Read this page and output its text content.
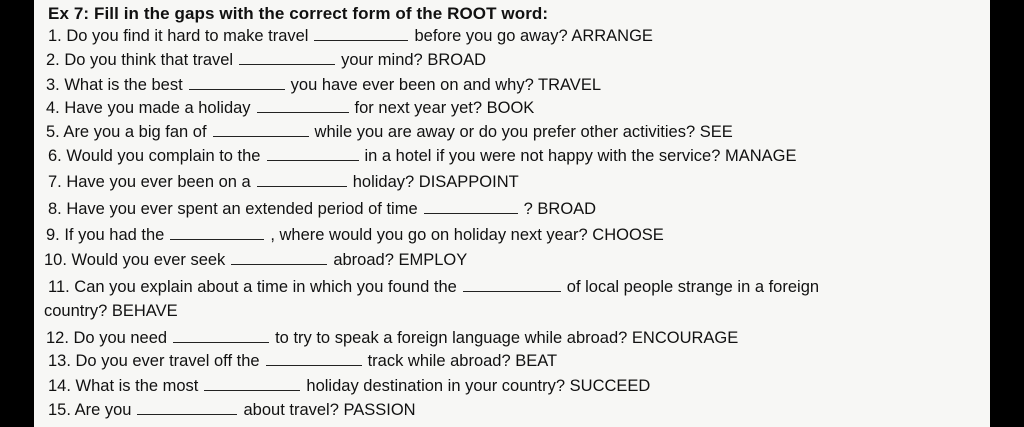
Ex 7: Fill in the gaps with the correct form of the ROOT word:
1. Do you find it hard to make travel	before you go away? ARRANGE
2. Do you think that travel	your mind? BROAD
3. What is the best	you have ever been on and why? TRAVEL
4. Have you made a holiday	for next year yet? BOOK
5. Are you a big fan of	while you are away or do you prefer other activities? SEE
6. Would you complain to the	in a hotel if you were not happy with the service? MANAGE
7. Have you ever been on a	holiday? DISAPPOINT
8. Have you ever spent an extended period of time	? BROAD
9. If you had the	, where would you go on holiday next year? CHOOSE
10. Would you ever seek	abroad? EMPLOY
11. Can you explain about a time in which you found the	of local people strange in a foreign
country? BEHAVE
12. Do you need	to try to speak a foreign language while abroad? ENCOURAGE
13. Do you ever travel off the	track while abroad? BEAT
14. What is the most	holiday destination in your country? SUCCEED
15. Are you	about travel? PASSION
